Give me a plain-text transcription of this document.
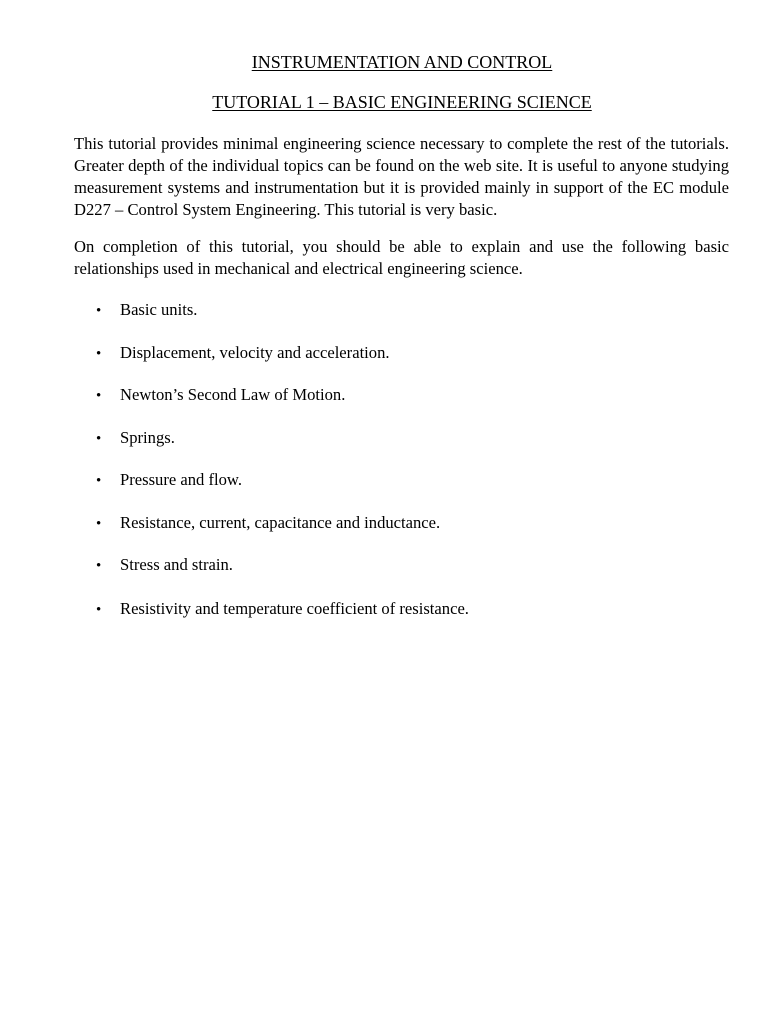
INSTRUMENTATION AND CONTROL
TUTORIAL 1 – BASIC ENGINEERING SCIENCE

This tutorial provides minimal engineering science necessary to complete the rest of the tutorials. Greater depth of the individual topics can be found on the web site. It is useful to anyone studying measurement systems and instrumentation but it is provided mainly in support of the EC module D227 – Control System Engineering. This tutorial is very basic.

On completion of this tutorial, you should be able to explain and use the following basic relationships used in mechanical and electrical engineering science.

• Basic units.
• Displacement, velocity and acceleration.
• Newton’s Second Law of Motion.
• Springs.
• Pressure and flow.
• Resistance, current, capacitance and inductance.
• Stress and strain.
• Resistivity and temperature coefficient of resistance.
